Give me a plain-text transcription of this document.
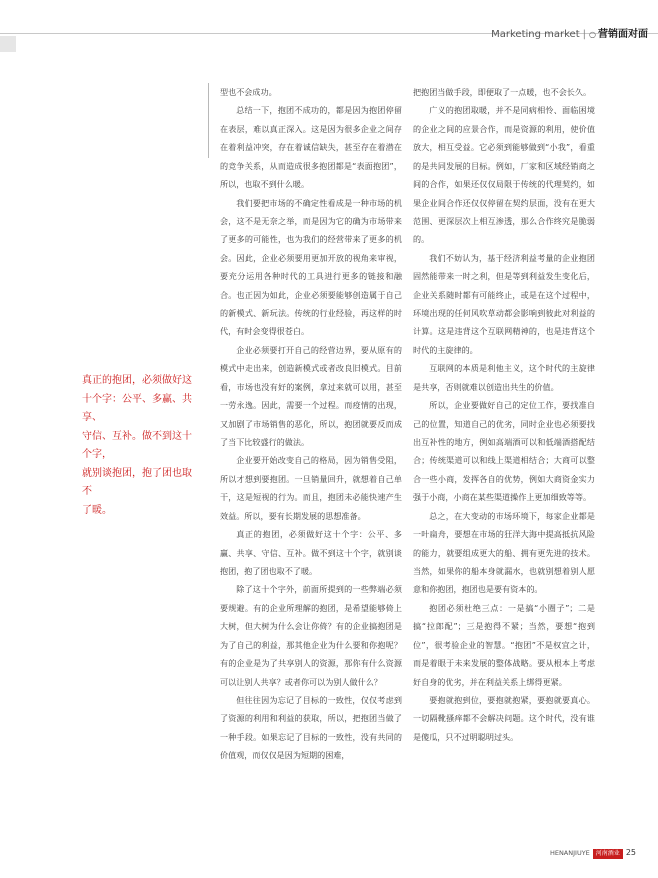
Marketing market | ○ 营销面对面

真正的抱团，必须做好这

十个字：公平、多赢、共享、

守信、互补。做不到这十个字，

就别谈抱团，抱了团也取不

了暖。

型也不会成功。

总结一下，抱团不成功的，都是因为抱团停留在表层，难以真正深入。这是因为很多企业之间存在着利益冲突，存在着诚信缺失，甚至存在着潜在的竞争关系，从而造成很多抱团都是“表面抱团”，所以，也取不到什么暖。

我们要把市场的不确定性看成是一种市场的机会，这不是无奈之举，而是因为它的确为市场带来了更多的可能性，也为我们的经营带来了更多的机会。因此，企业必须要用更加开放的视角来审视，要充分运用各种时代的工具进行更多的链接和融合。也正因为如此，企业必须要能够创造属于自己的新模式、新玩法。传统的行业经验，再这样的时代，有时会变得很苍白。

企业必须要打开自己的经营边界，要从原有的模式中走出来，创造新模式或者改良旧模式。目前看，市场也没有好的案例，拿过来就可以用，甚至一劳永逸。因此，需要一个过程。而疫情的出现，又加剧了市场销售的恶化，所以，抱团就要反而成了当下比较盛行的做法。

企业要开始改变自己的格局，因为销售受阻，所以才想到要抱团。一旦销量回升，就想着自己单干，这是短视的行为。而且，抱团未必能快速产生效益。所以，要有长期发展的思想准备。

真正的抱团，必须做好这十个字：公平、多赢、共享、守信、互补。做不到这十个字，就别谈抱团，抱了团也取不了暖。

除了这十个字外，前面所提到的一些弊端必须要规避。有的企业所理解的抱团，是希望能够倚上大树，但大树为什么会让你倚？有的企业搞抱团是为了自己的利益，那其他企业为什么要和你抱呢？有的企业是为了共享别人的资源，那你有什么资源可以让别人共享？或者你可以为别人做什么？

但往往因为忘记了目标的一致性，仅仅考虑到了资源的利用和利益的获取，所以，把抱团当做了一种手段。如果忘记了目标的一致性，没有共同的价值观，而仅仅是因为短期的困难，

把抱团当做手段，即便取了一点暖，也不会长久。

广义的抱团取暖，并不是同病相怜、面临困境的企业之间的应景合作，而是资源的利用，使价值放大，相互受益。它必须到能够做到“小我”，看重的是共同发展的目标。例如，厂家和区域经销商之间的合作，如果还仅仅局限于传统的代理契约，如果企业间合作还仅仅停留在契约层面，没有在更大范围、更深层次上相互渗透，那么合作终究是脆弱的。

我们不妨认为，基于经济利益考量的企业抱团固然能带来一时之利，但是等到利益发生变化后，企业关系随时都有可能终止，或是在这个过程中，环境出现的任何风吹草动都会影响到彼此对利益的计算。这是违背这个互联网精神的，也是违背这个时代的主旋律的。

互联网的本质是利他主义，这个时代的主旋律是共享，否则就难以创造出共生的价值。

所以，企业要做好自己的定位工作，要找准自己的位置，知道自己的优劣，同时企业也必须要找出互补性的地方，例如高端酒可以和低端酒搭配结合；传统渠道可以和线上渠道相结合；大商可以整合一些小商，发挥各自的优势，例如大商资金实力强于小商，小商在某些渠道操作上更加细致等等。

总之，在大变动的市场环境下，每家企业都是一叶扁舟，要想在市场的狂洋大海中提高抵抗风险的能力，就要组成更大的船、拥有更先进的技术。当然，如果你的船本身就漏水，也就别想着别人愿意和你抱团，抱团也是要有资本的。

抱团必须杜绝三点：一是搞“小圈子”；二是搞“拉郎配”；三是抱得不紧；当然，要想“抱到位”，很考验企业的智慧。“抱团”不是权宜之计，而是着眼于未来发展的整体战略。要从根本上考虑好自身的优劣，并在利益关系上绑得更紧。

要抱就抱到位，要抱就抱紧，要抱就要真心。一切隔靴搔痒都不会解决问题。这个时代，没有谁是傻瓜，只不过明聪明过头。

HENANJIUYE 河南酒业 25
